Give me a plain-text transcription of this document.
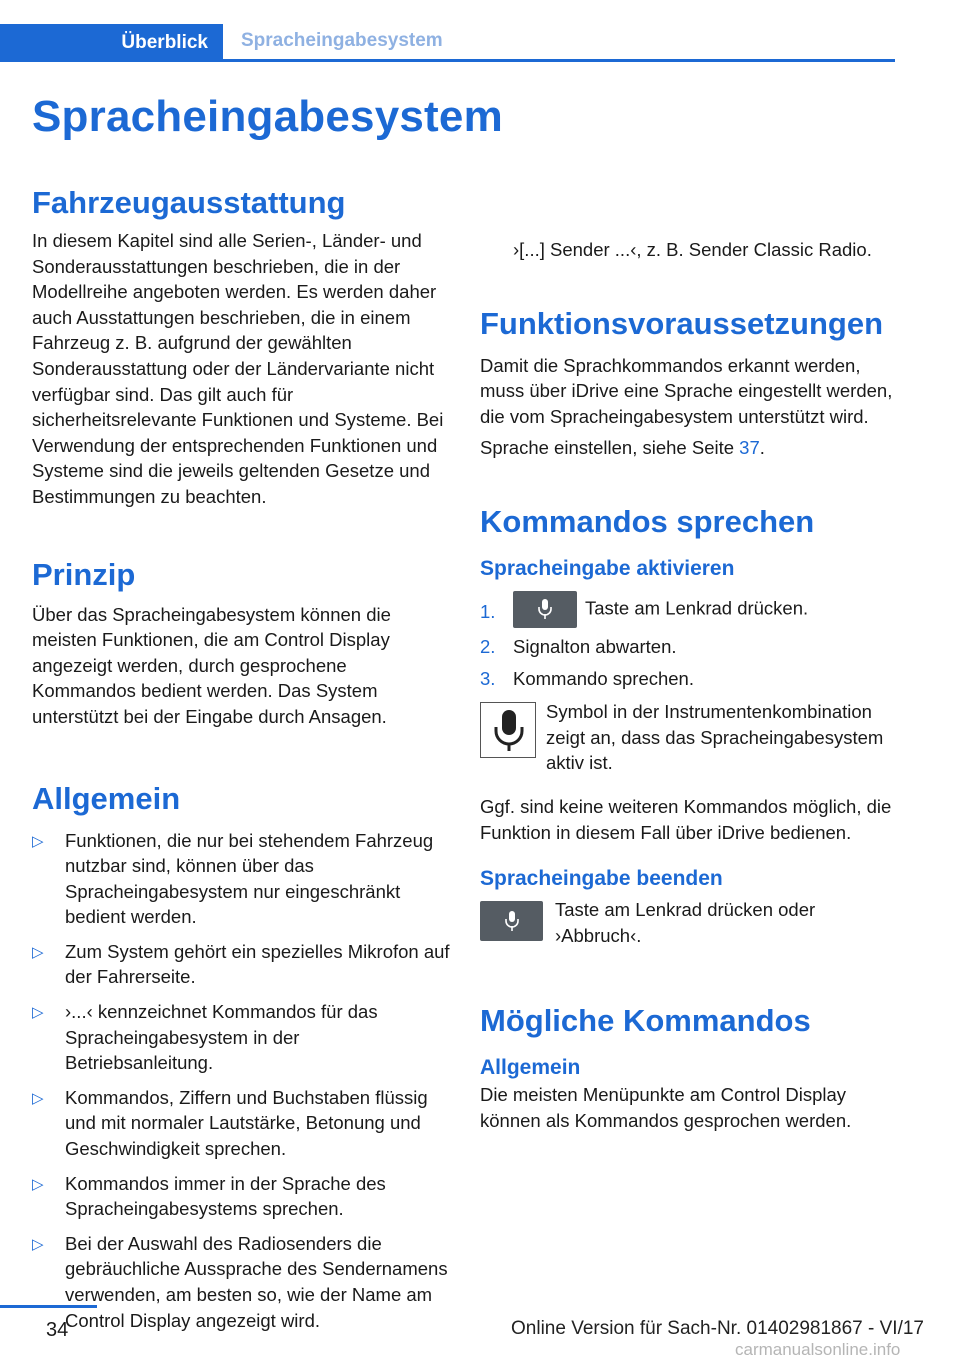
Überblick Spracheingabesystem
Spracheingabesystem
Fahrzeugausstattung

In diesem Kapitel sind alle Serien-, Länder- und Sonderausstattungen beschrieben, die in der Modellreihe angeboten werden. Es werden daher auch Ausstattungen beschrieben, die in einem Fahrzeug z. B. aufgrund der gewählten Sonderausstattung oder der Ländervariante nicht verfügbar sind. Das gilt auch für sicherheitsrelevante Funktionen und Systeme. Bei Verwendung der entsprechenden Funktionen und Systeme sind die jeweils geltenden Gesetze und Bestimmungen zu beachten.

Prinzip

Über das Spracheingabesystem können die meisten Funktionen, die am Control Display angezeigt werden, durch gesprochene Kommandos bedient werden. Das System unterstützt bei der Eingabe durch Ansagen.

Allgemein
▷ Funktionen, die nur bei stehendem Fahrzeug nutzbar sind, können über das Spracheingabesystem nur eingeschränkt bedient werden.
▷ Zum System gehört ein spezielles Mikrofon auf der Fahrerseite.
▷ ›...‹ kennzeichnet Kommandos für das Spracheingabesystem in der Betriebsanleitung.
▷ Kommandos, Ziffern und Buchstaben flüssig und mit normaler Lautstärke, Betonung und Geschwindigkeit sprechen.
▷ Kommandos immer in der Sprache des Spracheingabesystems sprechen.
▷ Bei der Auswahl des Radiosenders die gebräuchliche Aussprache des Sendernamens verwenden, am besten so, wie der Name am Control Display angezeigt wird.

›[...] Sender ...‹, z. B. Sender Classic Radio.

Funktionsvoraussetzungen

Damit die Sprachkommandos erkannt werden, muss über iDrive eine Sprache eingestellt werden, die vom Spracheingabesystem unterstützt wird.

Sprache einstellen, siehe Seite 37.

Kommandos sprechen
Spracheingabe aktivieren
1.	Taste am Lenkrad drücken.
2. Signalton abwarten.
3. Kommando sprechen.

Symbol in der Instrumentenkombination zeigt an, dass das Spracheingabesystem aktiv ist.

Ggf. sind keine weiteren Kommandos möglich, die Funktion in diesem Fall über iDrive bedienen.

Spracheingabe beenden

Taste am Lenkrad drücken oder ›Abbruch‹.

Mögliche Kommandos
Allgemein

Die meisten Menüpunkte am Control Display können als Kommandos gesprochen werden.

34	Online Version für Sach-Nr. 01402981867 - VI/17
carmanualsonline.info
